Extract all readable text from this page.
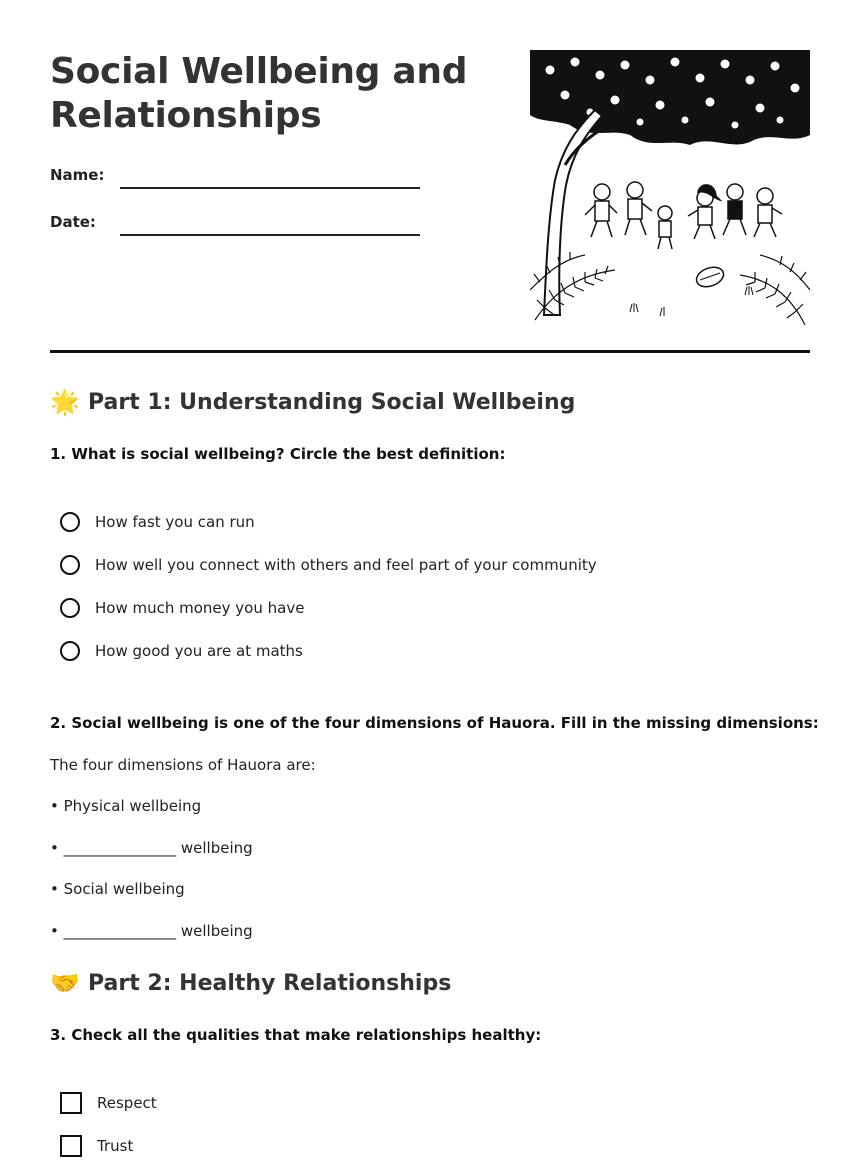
Social Wellbeing and Relationships
Name:
Date:
🌟 Part 1: Understanding Social Wellbeing
1. What is social wellbeing? Circle the best definition:
How fast you can run
How well you connect with others and feel part of your community
How much money you have
How good you are at maths
2. Social wellbeing is one of the four dimensions of Hauora. Fill in the missing dimensions:
The four dimensions of Hauora are:
• Physical wellbeing
• _______________ wellbeing
• Social wellbeing
• _______________ wellbeing
🤝 Part 2: Healthy Relationships
3. Check all the qualities that make relationships healthy:
Respect
Trust
